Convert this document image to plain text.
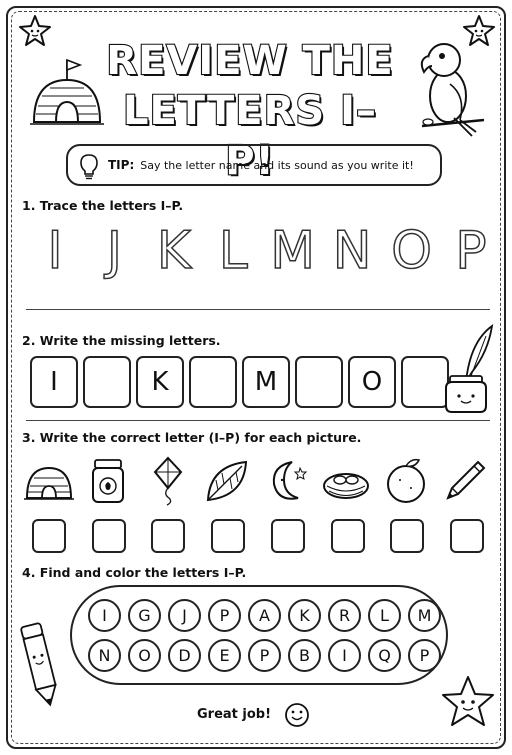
REVIEW THE
LETTERS I–P!
TIP: Say the letter name and its sound as you write it!
1. Trace the letters I–P.
I J K L M N O P
2. Write the missing letters.
I	K	M	O
3. Write the correct letter (I–P) for each picture.
4. Find and color the letters I–P.
I	G	J	P	A	K	R	L	M
N	O	D	E	P	B	I	Q	P
Great job!
